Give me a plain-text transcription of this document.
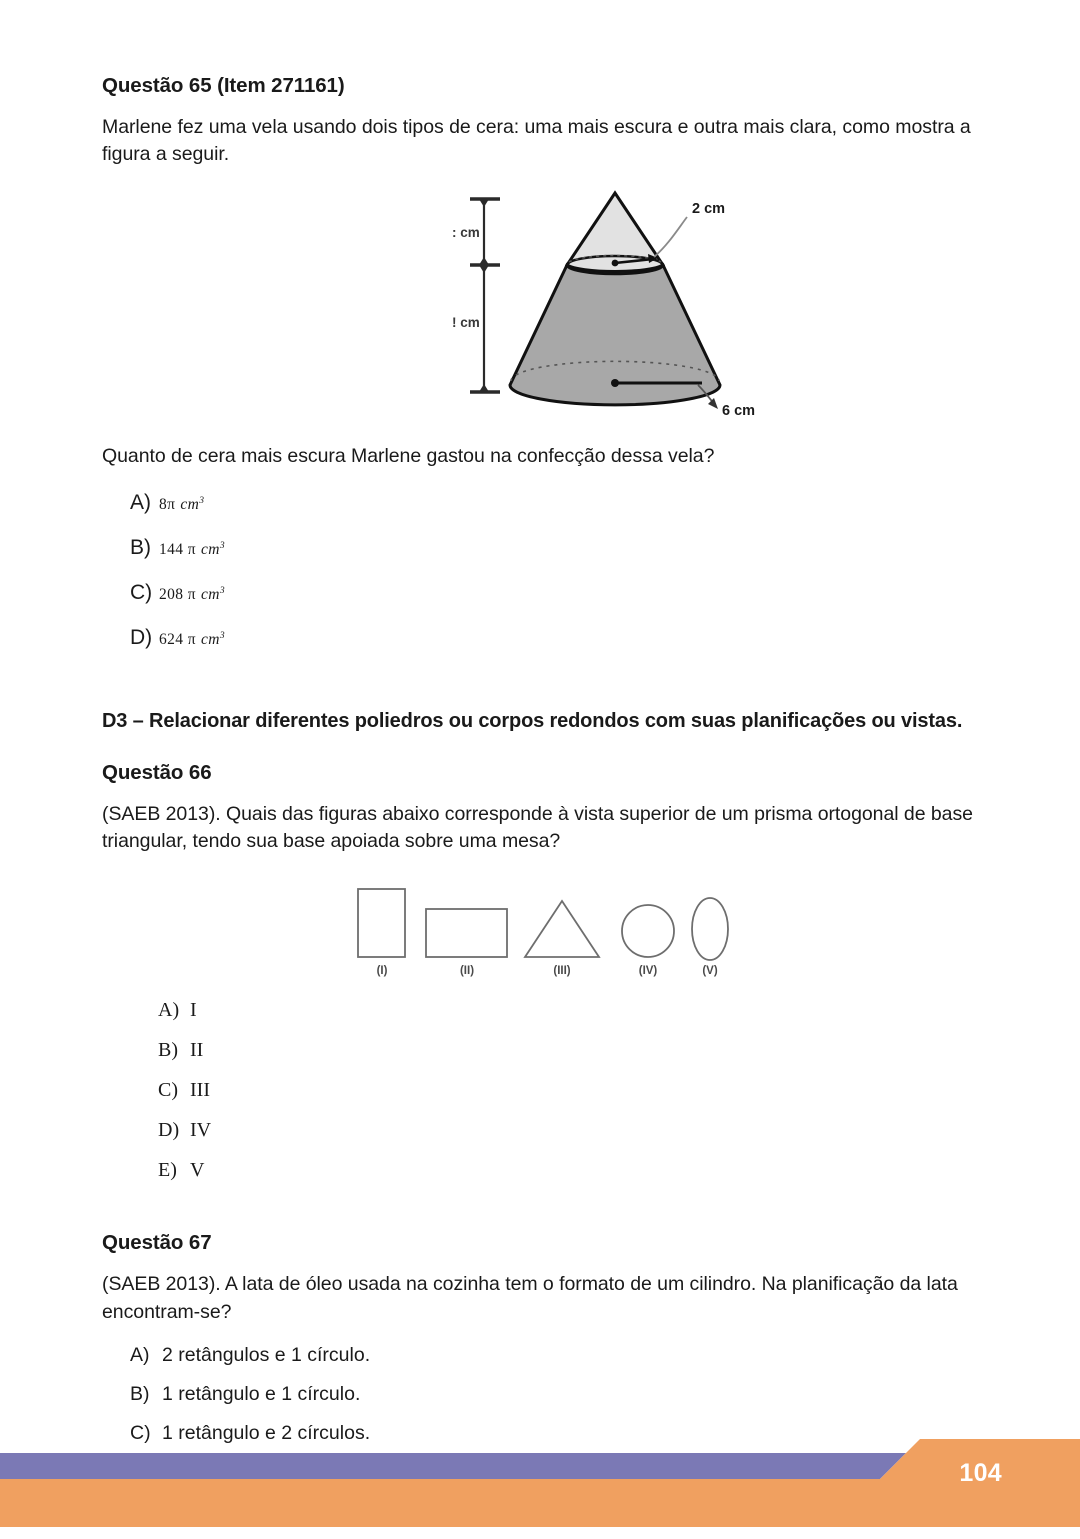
Questão 65 (Item 271161)

Marlene fez uma vela usando dois tipos de cera: uma mais escura e outra mais clara, como mostra a figura a seguir.

: cm
! cm
2 cm
6 cm

Quanto de cera mais escura Marlene gastou na confecção dessa vela?

A) 8π $cm^3$
B) 144 π $cm^3$
C) 208 π $cm^3$
D) 624 π $cm^3$

D3 – Relacionar diferentes poliedros ou corpos redondos com suas planificações ou vistas.

Questão 66

(SAEB 2013). Quais das figuras abaixo corresponde à vista superior de um prisma ortogonal de base triangular, tendo sua base apoiada sobre uma mesa?

(I)	(II)	(III)	(IV)	(V)
A) I
B) II
C) III
D) IV
E) V
Questão 67

(SAEB 2013). A lata de óleo usada na cozinha tem o formato de um cilindro. Na planificação da lata encontram-se?

A) 2 retângulos e 1 círculo.
B) 1 retângulo e 1 círculo.
C) 1 retângulo e 2 círculos.
104
